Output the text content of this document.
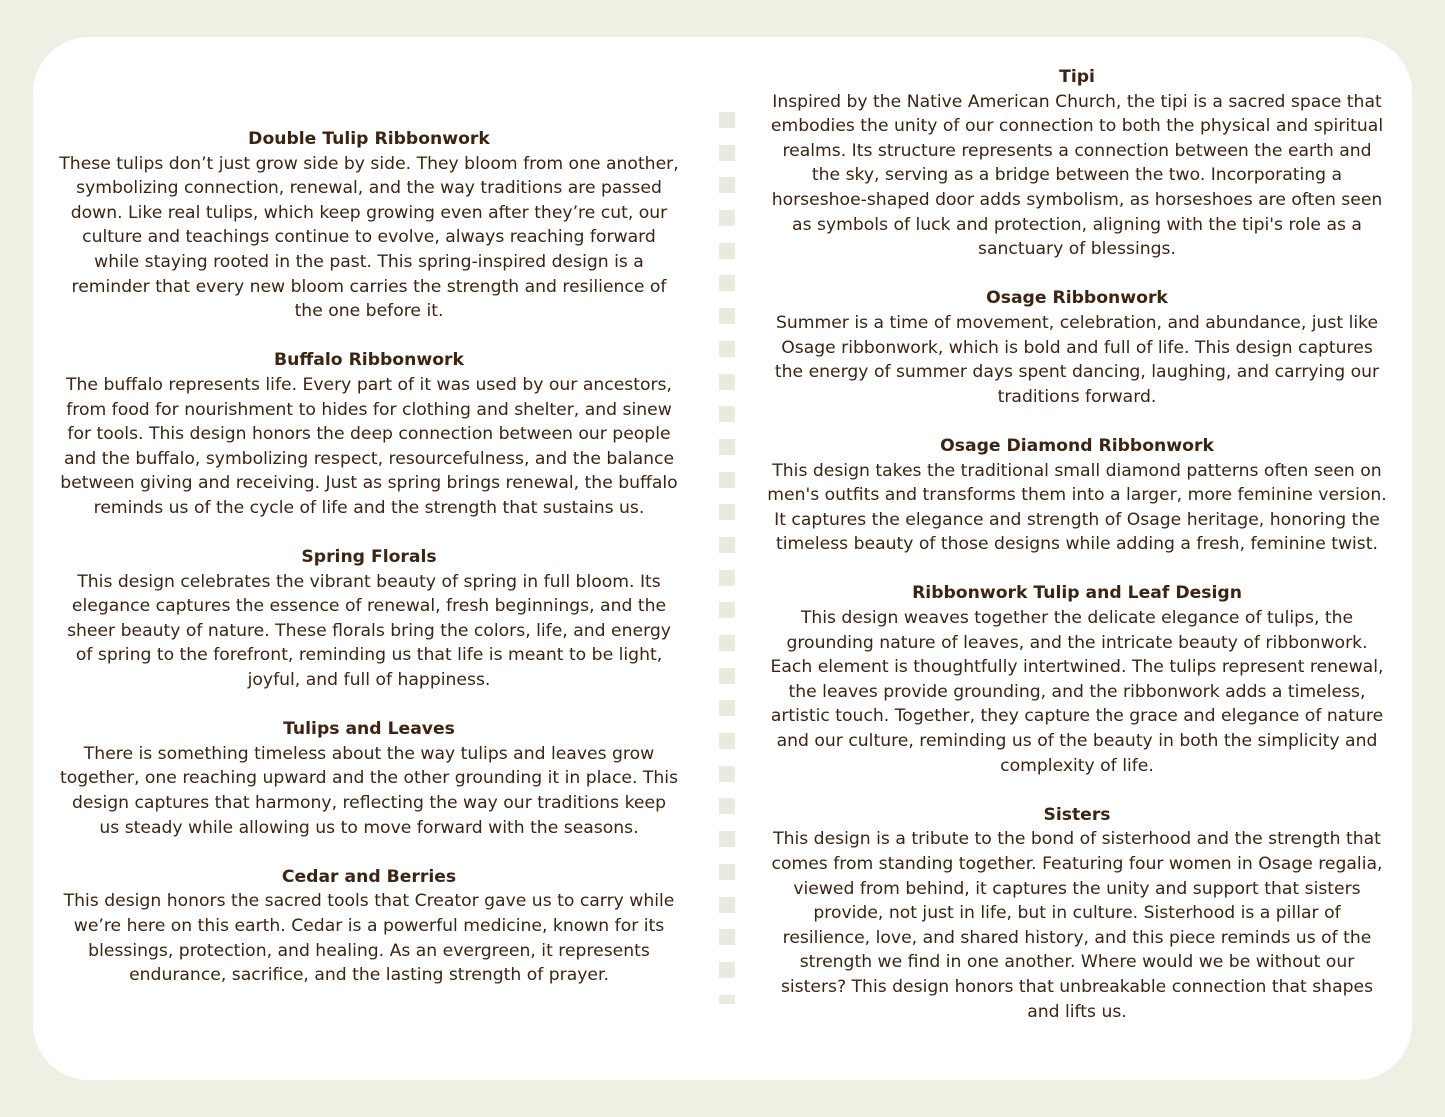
Double Tulip Ribbonwork

These tulips don’t just grow side by side. They bloom from one another,
symbolizing connection, renewal, and the way traditions are passed
down. Like real tulips, which keep growing even after they’re cut, our
culture and teachings continue to evolve, always reaching forward
while staying rooted in the past. This spring-inspired design is a
reminder that every new bloom carries the strength and resilience of
the one before it.

Buffalo Ribbonwork

The buffalo represents life. Every part of it was used by our ancestors,
from food for nourishment to hides for clothing and shelter, and sinew
for tools. This design honors the deep connection between our people
and the buffalo, symbolizing respect, resourcefulness, and the balance
between giving and receiving. Just as spring brings renewal, the buffalo
reminds us of the cycle of life and the strength that sustains us.

Spring Florals

This design celebrates the vibrant beauty of spring in full bloom. Its
elegance captures the essence of renewal, fresh beginnings, and the
sheer beauty of nature. These florals bring the colors, life, and energy
of spring to the forefront, reminding us that life is meant to be light,
joyful, and full of happiness.

Tulips and Leaves

There is something timeless about the way tulips and leaves grow
together, one reaching upward and the other grounding it in place. This
design captures that harmony, reflecting the way our traditions keep
us steady while allowing us to move forward with the seasons.

Cedar and Berries

This design honors the sacred tools that Creator gave us to carry while
we’re here on this earth. Cedar is a powerful medicine, known for its
blessings, protection, and healing. As an evergreen, it represents
endurance, sacrifice, and the lasting strength of prayer.

Tipi

Inspired by the Native American Church, the tipi is a sacred space that
embodies the unity of our connection to both the physical and spiritual
realms. Its structure represents a connection between the earth and
the sky, serving as a bridge between the two. Incorporating a
horseshoe-shaped door adds symbolism, as horseshoes are often seen
as symbols of luck and protection, aligning with the tipi's role as a
sanctuary of blessings.

Osage Ribbonwork

Summer is a time of movement, celebration, and abundance, just like
Osage ribbonwork, which is bold and full of life. This design captures
the energy of summer days spent dancing, laughing, and carrying our
traditions forward.

Osage Diamond Ribbonwork

This design takes the traditional small diamond patterns often seen on
men's outfits and transforms them into a larger, more feminine version.
It captures the elegance and strength of Osage heritage, honoring the
timeless beauty of those designs while adding a fresh, feminine twist.

Ribbonwork Tulip and Leaf Design

This design weaves together the delicate elegance of tulips, the
grounding nature of leaves, and the intricate beauty of ribbonwork.
Each element is thoughtfully intertwined. The tulips represent renewal,
the leaves provide grounding, and the ribbonwork adds a timeless,
artistic touch. Together, they capture the grace and elegance of nature
and our culture, reminding us of the beauty in both the simplicity and
complexity of life.

Sisters

This design is a tribute to the bond of sisterhood and the strength that
comes from standing together. Featuring four women in Osage regalia,
viewed from behind, it captures the unity and support that sisters
provide, not just in life, but in culture. Sisterhood is a pillar of
resilience, love, and shared history, and this piece reminds us of the
strength we find in one another. Where would we be without our
sisters? This design honors that unbreakable connection that shapes
and lifts us.
